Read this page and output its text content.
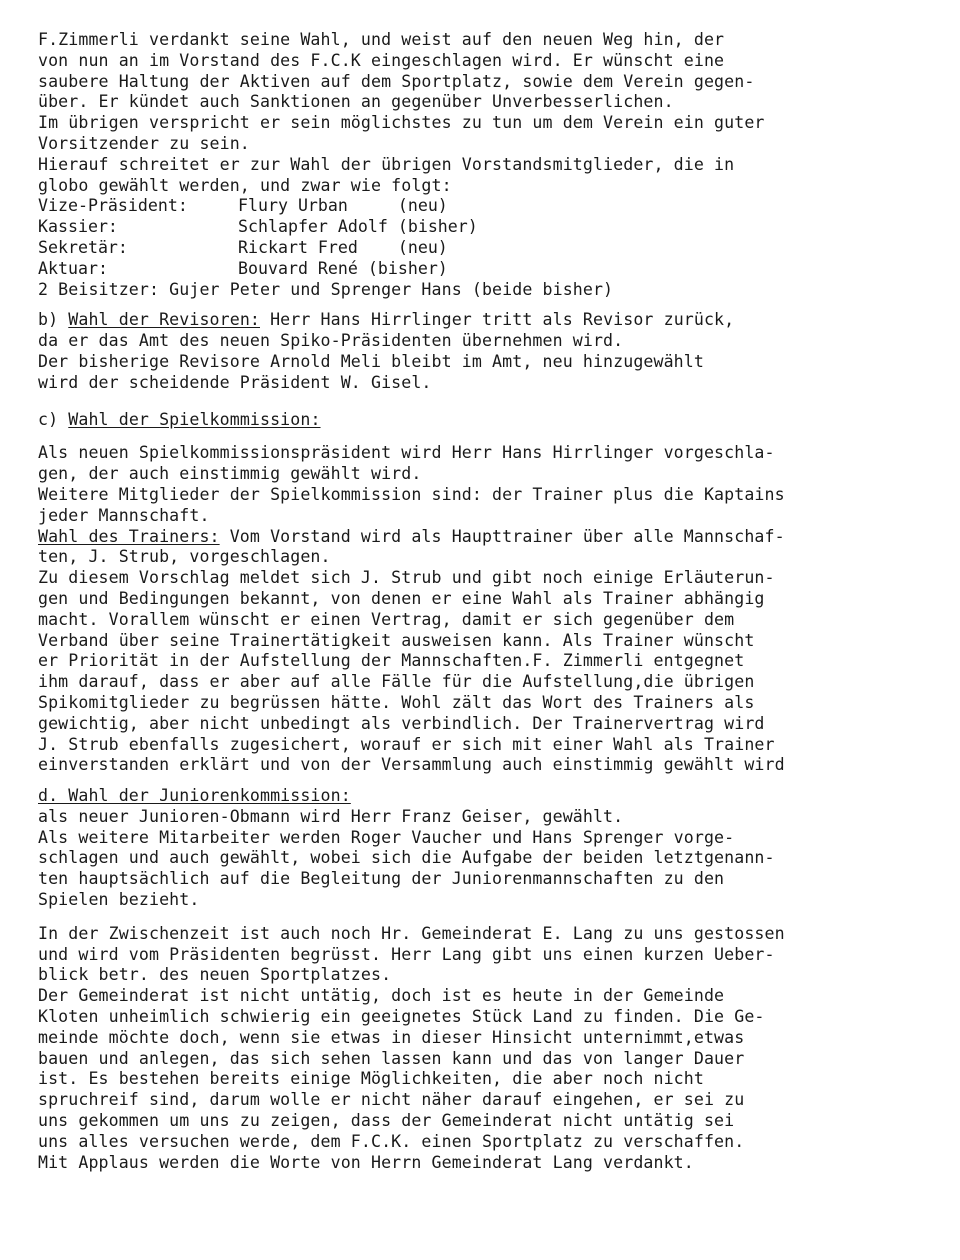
F.Zimmerli verdankt seine Wahl, und weist auf den neuen Weg hin, der
von nun an im Vorstand des F.C.K eingeschlagen wird. Er wünscht eine
saubere Haltung der Aktiven auf dem Sportplatz, sowie dem Verein gegen-
über. Er kündet auch Sanktionen an gegenüber Unverbesserlichen.
Im übrigen verspricht er sein möglichstes zu tun um dem Verein ein guter
Vorsitzender zu sein.
Hierauf schreitet er zur Wahl der übrigen Vorstandsmitglieder, die in
globo gewählt werden, und zwar wie folgt:
Vize-Präsident:	Flury Urban     (neu)
Kassier:	Schlapfer Adolf (bisher)
Sekretär:	Rickart Fred    (neu)
Aktuar:	Bouvard René (bisher)
2 Beisitzer: Gujer Peter und Sprenger Hans (beide bisher)
b) Wahl der Revisoren: Herr Hans Hirrlinger tritt als Revisor zurück,
da er das Amt des neuen Spiko-Präsidenten übernehmen wird.
Der bisherige Revisore Arnold Meli bleibt im Amt, neu hinzugewählt
wird der scheidende Präsident W. Gisel.
c) Wahl der Spielkommission:
Als neuen Spielkommissionspräsident wird Herr Hans Hirrlinger vorgeschla-
gen, der auch einstimmig gewählt wird.
Weitere Mitglieder der Spielkommission sind: der Trainer plus die Kaptains
jeder Mannschaft.
Wahl des Trainers: Vom Vorstand wird als Haupttrainer über alle Mannschaf-
ten, J. Strub, vorgeschlagen.
Zu diesem Vorschlag meldet sich J. Strub und gibt noch einige Erläuterun-
gen und Bedingungen bekannt, von denen er eine Wahl als Trainer abhängig
macht. Vorallem wünscht er einen Vertrag, damit er sich gegenüber dem
Verband über seine Trainertätigkeit ausweisen kann. Als Trainer wünscht
er Priorität in der Aufstellung der Mannschaften.F. Zimmerli entgegnet
ihm darauf, dass er aber auf alle Fälle für die Aufstellung,die übrigen
Spikomitglieder zu begrüssen hätte. Wohl zält das Wort des Trainers als
gewichtig, aber nicht unbedingt als verbindlich. Der Trainervertrag wird
J. Strub ebenfalls zugesichert, worauf er sich mit einer Wahl als Trainer
einverstanden erklärt und von der Versammlung auch einstimmig gewählt wird
d. Wahl der Juniorenkommission:
als neuer Junioren-Obmann wird Herr Franz Geiser, gewählt.
Als weitere Mitarbeiter werden Roger Vaucher und Hans Sprenger vorge-
schlagen und auch gewählt, wobei sich die Aufgabe der beiden letztgenann-
ten hauptsächlich auf die Begleitung der Juniorenmannschaften zu den
Spielen bezieht.
In der Zwischenzeit ist auch noch Hr. Gemeinderat E. Lang zu uns gestossen
und wird vom Präsidenten begrüsst. Herr Lang gibt uns einen kurzen Ueber-
blick betr. des neuen Sportplatzes.
Der Gemeinderat ist nicht untätig, doch ist es heute in der Gemeinde
Kloten unheimlich schwierig ein geeignetes Stück Land zu finden. Die Ge-
meinde möchte doch, wenn sie etwas in dieser Hinsicht unternimmt,etwas
bauen und anlegen, das sich sehen lassen kann und das von langer Dauer
ist. Es bestehen bereits einige Möglichkeiten, die aber noch nicht
spruchreif sind, darum wolle er nicht näher darauf eingehen, er sei zu
uns gekommen um uns zu zeigen, dass der Gemeinderat nicht untätig sei
uns alles versuchen werde, dem F.C.K. einen Sportplatz zu verschaffen.
Mit Applaus werden die Worte von Herrn Gemeinderat Lang verdankt.
